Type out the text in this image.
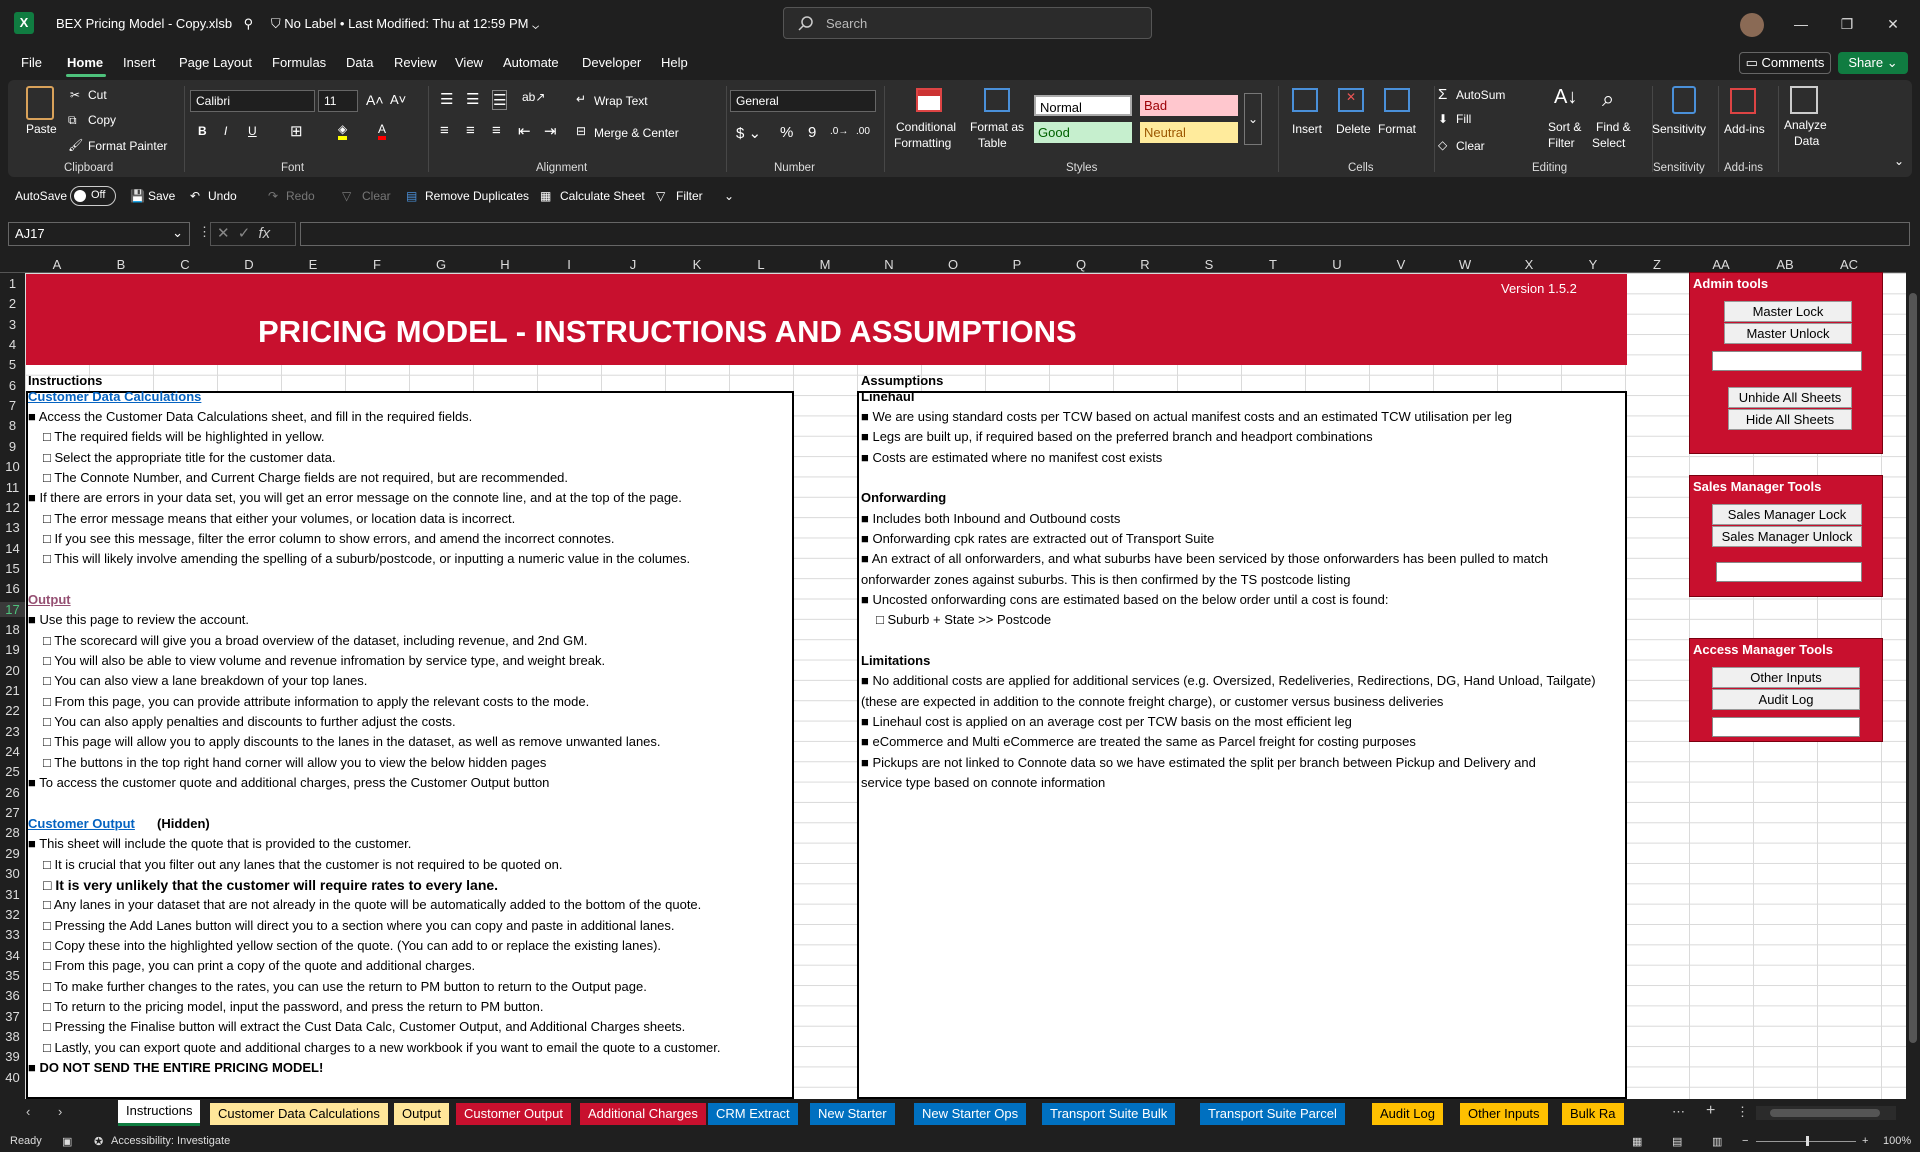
X	BEX Pricing Model - Copy.xlsb ⚲ ⛉ No Label • Last Modified: Thu at 12:59 PM ⌄	Search	—	❐	✕
File Home Insert Page Layout Formulas Data Review View Automate Developer Help	▭ Comments	Share ⌄
Paste
✂ Cut
⧉ Copy
🖌 Format Painter
Clipboard
Calibri	11	A˄ A˅
B I U ⊞	◈	A
Font
☰ ☰ ☰ ab↗
≡ ≡ ≡ ⇤ ⇥
↵ Wrap Text
⊟ Merge & Center
Alignment
General
$ ⌄ % 9 .0→ .00
Number
Conditional
Formatting
Format as
Table
Normal	Bad
Good	Neutral
⌄
Styles
Insert
✕
Delete Format
Cells
Σ AutoSum
⬇ Fill
◇ Clear
A↓
Sort &
Filter
⌕
Find &
Select
Editing
Sensitivity
Sensitivity
Add-ins
Add-ins
Analyze
Data
⌄
AutoSave Off 💾 Save ↶ Undo	↷ Redo ▽ Clear ▤ Remove Duplicates ▦ Calculate Sheet ▽ Filter ⌄
AJ17	⌄ ⋮ ✕ ✓ fx
A	B	C	D	E	F	G	H	I	J	K	L	M	N	O	P	Q	R	S	T	U	V	W	X	Y	Z	AA	AB	AC
1
2
3
4
5
6
7
8
9
10
11
12
13
14
15
16
17
18
19
20
21
22
23
24
25
26
27
28
29
30
31
32
33
34
35
36
37
38
39
40
PRICING MODEL - INSTRUCTIONS AND ASSUMPTIONS
Version 1.5.2
Instructions	Assumptions
Customer Data Calculations
■ Access the Customer Data Calculations sheet, and fill in the required fields.
□ The required fields will be highlighted in yellow.
□ Select the appropriate title for the customer data.
□ The Connote Number, and Current Charge fields are not required, but are recommended.
■ If there are errors in your data set, you will get an error message on the connote line, and at the top of the page.
□ The error message means that either your volumes, or location data is incorrect.
□ If you see this message, filter the error column to show errors, and amend the incorrect connotes.
□ This will likely involve amending the spelling of a suburb/postcode, or inputting a numeric value in the columes.
Output
■ Use this page to review the account.
□ The scorecard will give you a broad overview of the dataset, including revenue, and 2nd GM.
□ You will also be able to view volume and revenue infromation by service type, and weight break.
□ You can also view a lane breakdown of your top lanes.
□ From this page, you can provide attribute information to apply the relevant costs to the mode.
□ You can also apply penalties and discounts to further adjust the costs.
□ This page will allow you to apply discounts to the lanes in the dataset, as well as remove unwanted lanes.
□ The buttons in the top right hand corner will allow you to view the below hidden pages
■ To access the customer quote and additional charges, press the Customer Output button
Customer Output (Hidden)
■ This sheet will include the quote that is provided to the customer.
□ It is crucial that you filter out any lanes that the customer is not required to be quoted on.
□ It is very unlikely that the customer will require rates to every lane.
□ Any lanes in your dataset that are not already in the quote will be automatically added to the bottom of the quote.
□ Pressing the Add Lanes button will direct you to a section where you can copy and paste in additional lanes.
□ Copy these into the highlighted yellow section of the quote. (You can add to or replace the existing lanes).
□ From this page, you can print a copy of the quote and additional charges.
□ To make further changes to the rates, you can use the return to PM button to return to the Output page.
□ To return to the pricing model, input the password, and press the return to PM button.
□ Pressing the Finalise button will extract the Cust Data Calc, Customer Output, and Additional Charges sheets.
□ Lastly, you can export quote and additional charges to a new workbook if you want to email the quote to a customer.
■ DO NOT SEND THE ENTIRE PRICING MODEL!
Linehaul
■ We are using standard costs per TCW based on actual manifest costs and an estimated TCW utilisation per leg
■ Legs are built up, if required based on the preferred branch and headport combinations
■ Costs are estimated where no manifest cost exists
Onforwarding
■ Includes both Inbound and Outbound costs
■ Onforwarding cpk rates are extracted out of Transport Suite
■ An extract of all onforwarders, and what suburbs have been serviced by those onforwarders has been pulled to match
onforwarder zones against suburbs. This is then confirmed by the TS postcode listing
■ Uncosted onforwarding cons are estimated based on the below order until a cost is found:
□ Suburb + State >> Postcode
Limitations
■ No additional costs are applied for additional services (e.g. Oversized, Redeliveries, Redirections, DG, Hand Unload, Tailgate)
(these are expected in addition to the connote freight charge), or customer versus business deliveries
■ Linehaul cost is applied on an average cost per TCW basis on the most efficient leg
■ eCommerce and Multi eCommerce are treated the same as Parcel freight for costing purposes
■ Pickups are not linked to Connote data so we have estimated the split per branch between Pickup and Delivery and
service type based on connote information
Admin tools
Master Lock
Master Unlock
Unhide All Sheets
Hide All Sheets
Sales Manager Tools
Sales Manager Lock
Sales Manager Unlock
Access Manager Tools
Other Inputs
Audit Log
‹ ›	Instructions	Customer Data Calculations	Output	Customer Output	Additional Charges	CRM Extract	New Starter	New Starter Ops	Transport Suite Bulk	Transport Suite Parcel	Audit Log	Other Inputs	Bulk Ra	⋯ + ⋮
Ready ▣ ✪ Accessibility: Investigate	▦	▤	▥ −	+ 100%
